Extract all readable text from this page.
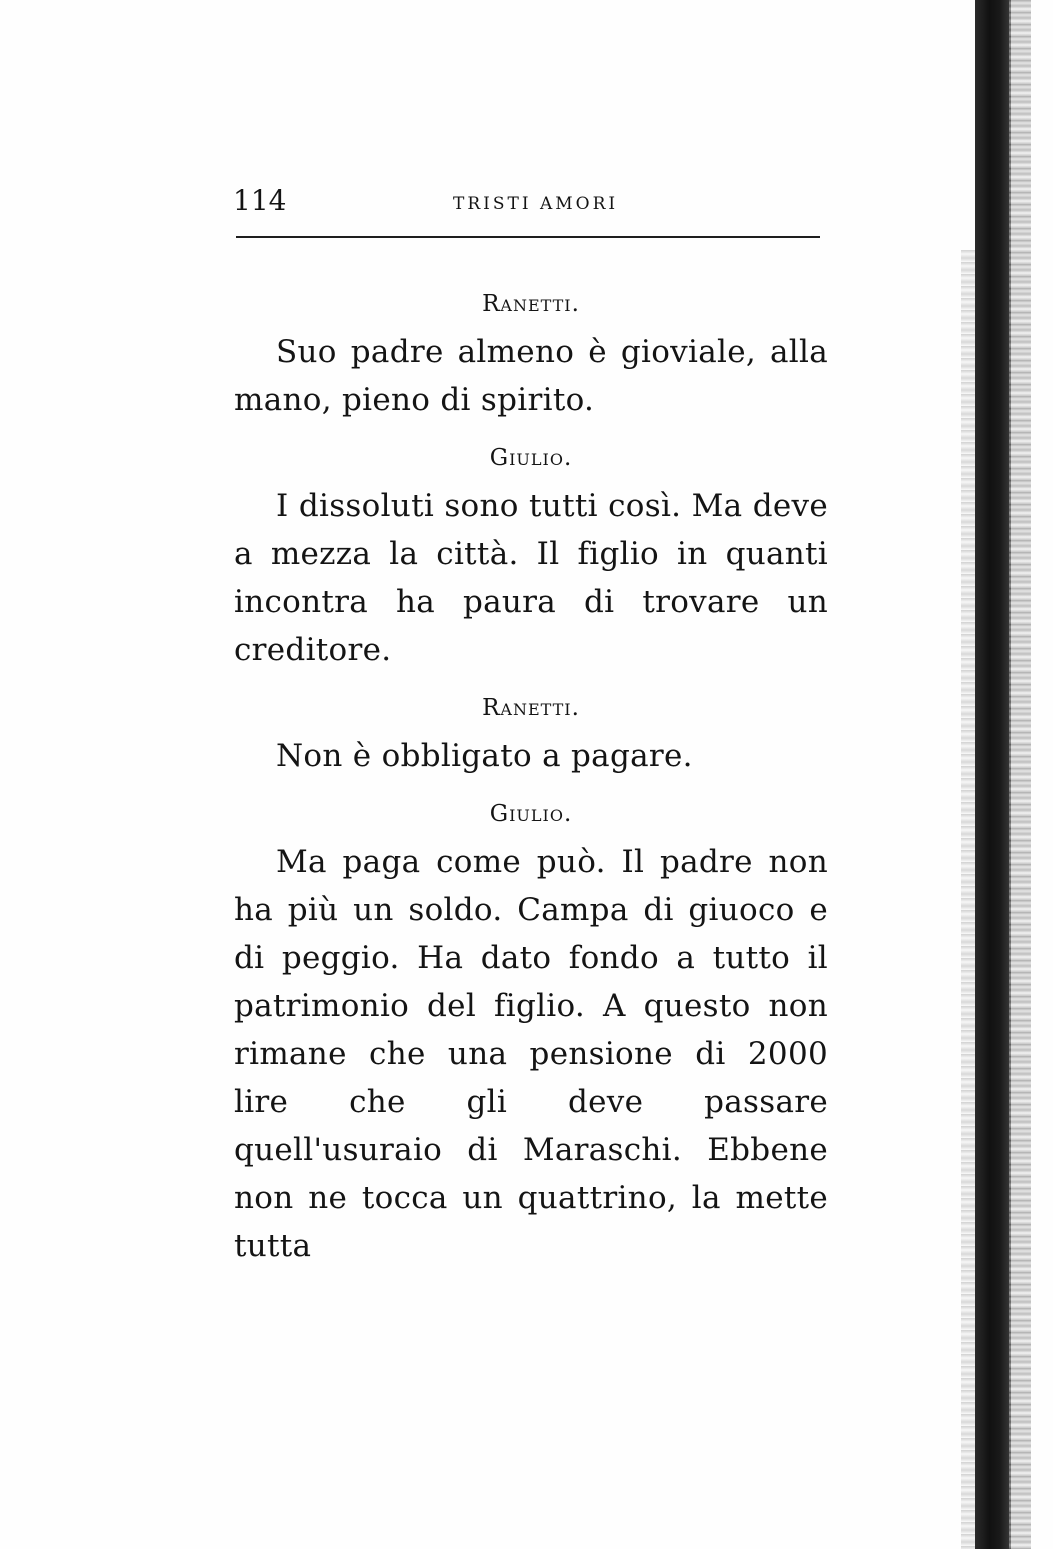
114	TRISTI AMORI

Ranetti.

Suo padre almeno è gioviale, alla mano, pieno di spirito.

Giulio.

I dissoluti sono tutti così. Ma deve a mezza la città. Il figlio in quanti incontra ha paura di trovare un creditore.

Ranetti.

Non è obbligato a pagare.

Giulio.

Ma paga come può. Il padre non ha più un soldo. Campa di giuoco e di peggio. Ha dato fondo a tutto il patrimonio del figlio. A questo non rimane che una pensione di 2000 lire che gli deve passare quell'usuraio di Maraschi. Ebbene non ne tocca un quattrino, la mette tutta
